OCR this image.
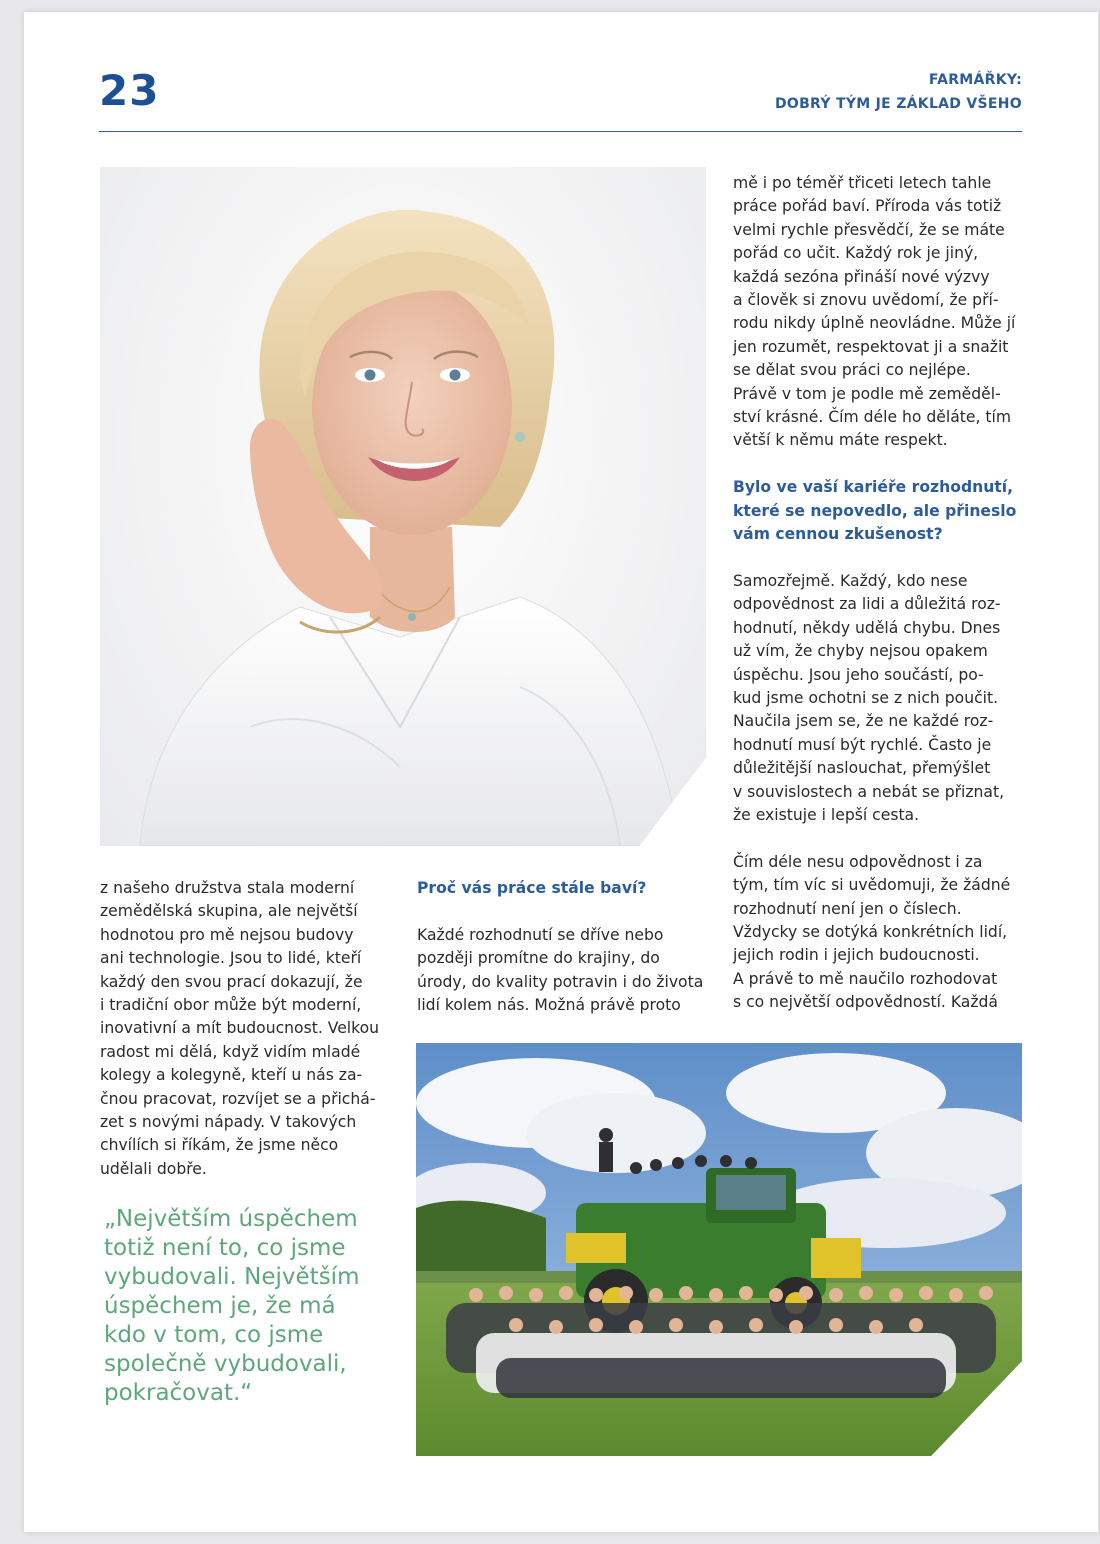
23	FARMÁŘKY:
DOBRÝ TÝM JE ZÁKLAD VŠEHO

mě i po téměř třiceti letech tahle
práce pořád baví. Příroda vás totiž
velmi rychle přesvědčí, že se máte
pořád co učit. Každý rok je jiný,
každá sezóna přináší nové výzvy
a člověk si znovu uvědomí, že pří-
rodu nikdy úplně neovládne. Může jí
jen rozumět, respektovat ji a snažit
se dělat svou práci co nejlépe.
Právě v tom je podle mě zeměděl-
ství krásné. Čím déle ho děláte, tím
větší k němu máte respekt.

Bylo ve vaší kariéře rozhodnutí,
které se nepovedlo, ale přineslo
vám cennou zkušenost?

Samozřejmě. Každý, kdo nese
odpovědnost za lidi a důležitá roz-
hodnutí, někdy udělá chybu. Dnes
už vím, že chyby nejsou opakem
úspěchu. Jsou jeho součástí, po-
kud jsme ochotni se z nich poučit.
Naučila jsem se, že ne každé roz-
hodnutí musí být rychlé. Často je
důležitější naslouchat, přemýšlet
v souvislostech a nebát se přiznat,
že existuje i lepší cesta.

Čím déle nesu odpovědnost i za
tým, tím víc si uvědomuji, že žádné
rozhodnutí není jen o číslech.
Vždycky se dotýká konkrétních lidí,
jejich rodin i jejich budoucnosti.
A právě to mě naučilo rozhodovat
s co největší odpovědností. Každá

z našeho družstva stala moderní
zemědělská skupina, ale největší
hodnotou pro mě nejsou budovy
ani technologie. Jsou to lidé, kteří
každý den svou prací dokazují, že
i tradiční obor může být moderní,
inovativní a mít budoucnost. Velkou
radost mi dělá, když vidím mladé
kolegy a kolegyně, kteří u nás za-
čnou pracovat, rozvíjet se a přichá-
zet s novými nápady. V takových
chvílích si říkám, že jsme něco
udělali dobře.

Proč vás práce stále baví?

Každé rozhodnutí se dříve nebo
později promítne do krajiny, do
úrody, do kvality potravin i do života
lidí kolem nás. Možná právě proto

„Největším úspěchem
totiž není to, co jsme
vybudovali. Největším
úspěchem je, že má
kdo v tom, co jsme
společně vybudovali,
pokračovat.“
